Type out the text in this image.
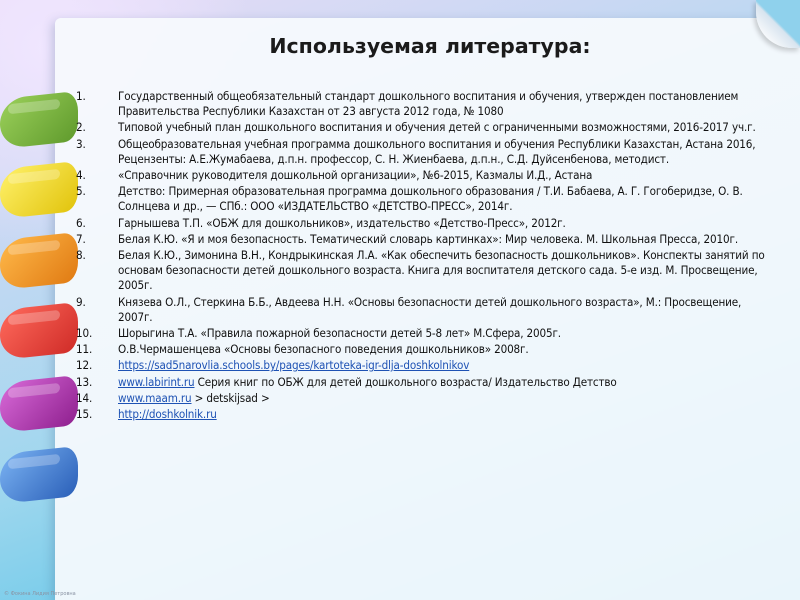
Используемая литература:
1.	Государственный общеобязательный стандарт дошкольного воспитания и обучения, утвержден постановлением Правительства Республики Казахстан от 23 августа 2012 года, № 1080
2.	Типовой учебный план дошкольного воспитания и обучения детей с ограниченными возможностями, 2016-2017 уч.г.
3.	Общеобразовательная учебная программа дошкольного воспитания и обучения Республики Казахстан, Астана 2016, Рецензенты: А.Е.Жумабаева, д.п.н. профессор, С. Н. Жиенбаева, д.п.н., С.Д. Дуйсенбенова, методист.
4.	«Справочник руководителя дошкольной организации», №6-2015, Казмалы И.Д., Астана
5.	Детство: Примерная образовательная программа дошкольного образования / Т.И. Бабаева, А. Г. Гогоберидзе, О. В. Солнцева и др., — СПб.: ООО «ИЗДАТЕЛЬСТВО «ДЕТСТВО-ПРЕСС», 2014г.
6.	Гарнышева Т.П. «ОБЖ для дошкольников», издательство «Детство-Пресс», 2012г.
7.	Белая К.Ю. «Я и моя безопасность. Тематический словарь картинках»: Мир человека. М. Школьная Пресса, 2010г.
8.	Белая К.Ю., Зимонина В.Н., Кондрыкинская Л.А. «Как обеспечить безопасность дошкольников». Конспекты занятий по основам безопасности детей дошкольного возраста. Книга для воспитателя детского сада. 5-е изд. М. Просвещение, 2005г.
9.	Князева О.Л., Стеркина Б.Б., Авдеева Н.Н. «Основы безопасности детей дошкольного возраста», М.: Просвещение, 2007г.
10.	Шорыгина Т.А. «Правила пожарной безопасности детей 5-8 лет» М.Сфера, 2005г.
11.	О.В.Чермашенцева «Основы безопасного поведения дошкольников» 2008г.
12.	https://sad5narovlia.schools.by/pages/kartoteka-igr-dlja-doshkolnikov
13.	www.labirint.ru Серия книг по ОБЖ для детей дошкольного возраста/ Издательство Детство
14.	www.maam.ru > detskijsad >
15.	http://doshkolnik.ru
© Фокина Лидия Петровна
